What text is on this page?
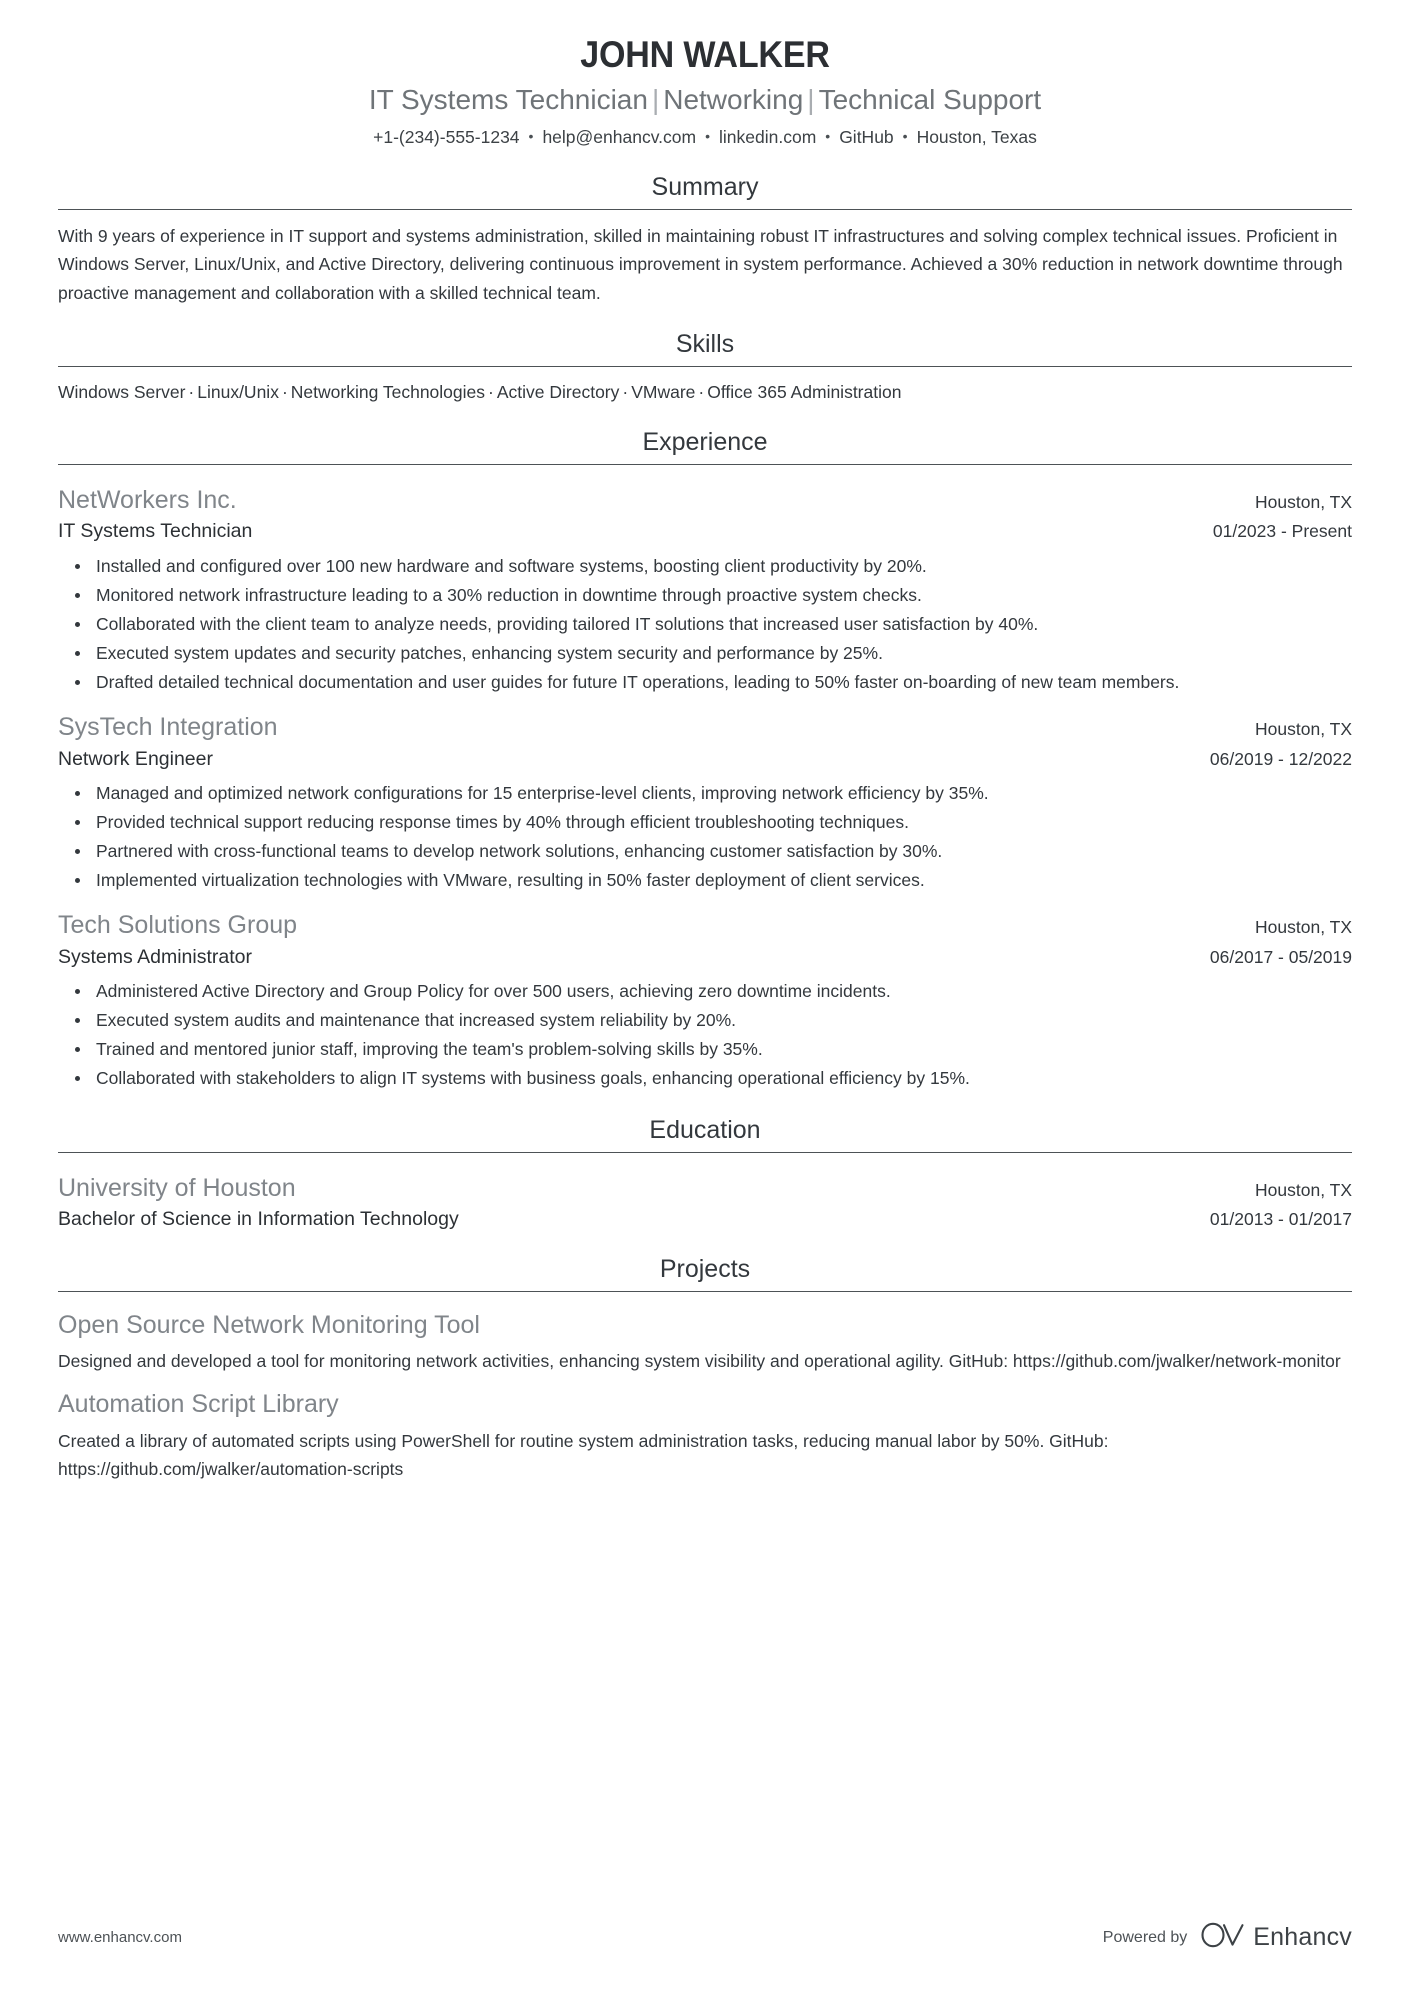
JOHN WALKER
IT Systems Technician | Networking | Technical Support
+1-(234)-555-1234 • help@enhancv.com • linkedin.com • GitHub • Houston, Texas
Summary
With 9 years of experience in IT support and systems administration, skilled in maintaining robust IT infrastructures and solving complex technical issues. Proficient in Windows Server, Linux/Unix, and Active Directory, delivering continuous improvement in system performance. Achieved a 30% reduction in network downtime through proactive management and collaboration with a skilled technical team.
Skills
Windows Server · Linux/Unix · Networking Technologies · Active Directory · VMware · Office 365 Administration
Experience
NetWorkers Inc.	Houston, TX
IT Systems Technician	01/2023 - Present
Installed and configured over 100 new hardware and software systems, boosting client productivity by 20%.
Monitored network infrastructure leading to a 30% reduction in downtime through proactive system checks.
Collaborated with the client team to analyze needs, providing tailored IT solutions that increased user satisfaction by 40%.
Executed system updates and security patches, enhancing system security and performance by 25%.
Drafted detailed technical documentation and user guides for future IT operations, leading to 50% faster on-boarding of new team members.
SysTech Integration	Houston, TX
Network Engineer	06/2019 - 12/2022
Managed and optimized network configurations for 15 enterprise-level clients, improving network efficiency by 35%.
Provided technical support reducing response times by 40% through efficient troubleshooting techniques.
Partnered with cross-functional teams to develop network solutions, enhancing customer satisfaction by 30%.
Implemented virtualization technologies with VMware, resulting in 50% faster deployment of client services.
Tech Solutions Group	Houston, TX
Systems Administrator	06/2017 - 05/2019
Administered Active Directory and Group Policy for over 500 users, achieving zero downtime incidents.
Executed system audits and maintenance that increased system reliability by 20%.
Trained and mentored junior staff, improving the team's problem-solving skills by 35%.
Collaborated with stakeholders to align IT systems with business goals, enhancing operational efficiency by 15%.
Education
University of Houston	Houston, TX
Bachelor of Science in Information Technology	01/2013 - 01/2017
Projects
Open Source Network Monitoring Tool
Designed and developed a tool for monitoring network activities, enhancing system visibility and operational agility. GitHub: https://github.com/jwalker/network-monitor
Automation Script Library
Created a library of automated scripts using PowerShell for routine system administration tasks, reducing manual labor by 50%. GitHub: https://github.com/jwalker/automation-scripts
www.enhancv.com	Powered by	Enhancv
